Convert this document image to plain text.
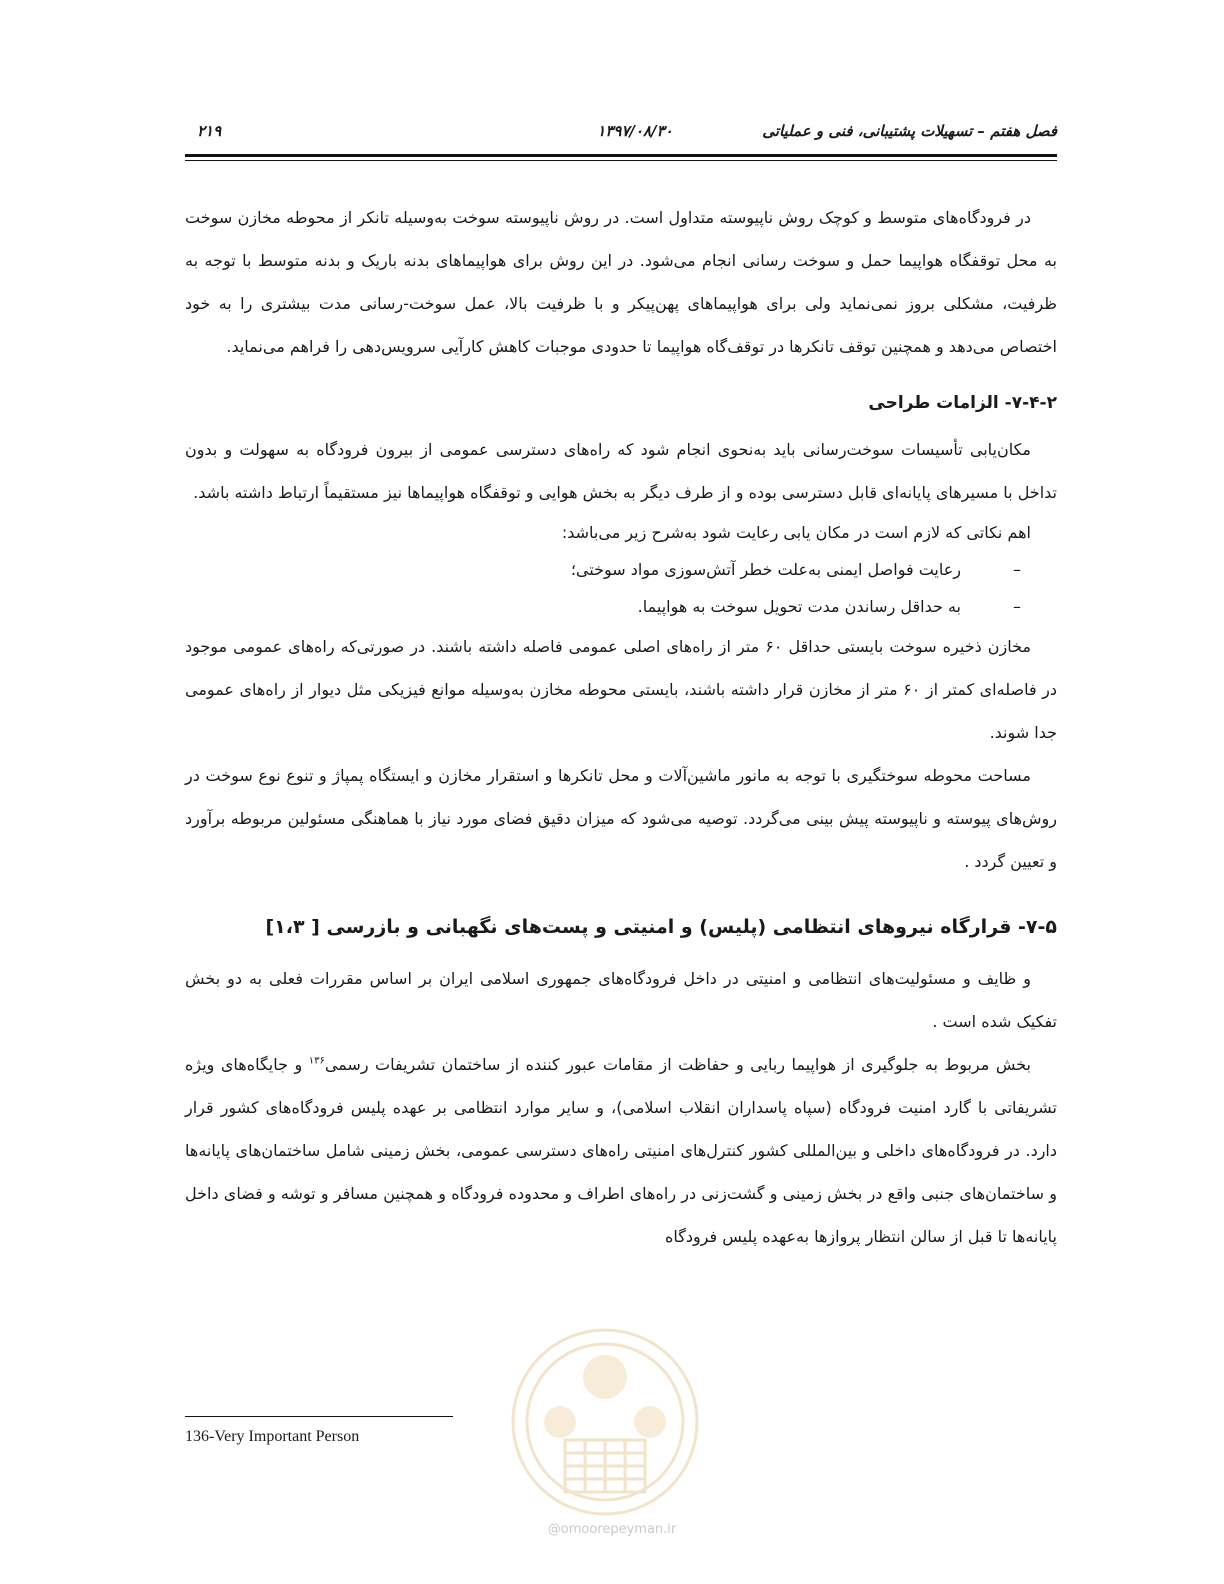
فصل هفتم – تسهیلات پشتیبانی، فنی و عملیاتی
۱۳۹۷/۰۸/۳۰
۲۱۹

در فرودگاه‌های متوسط و کوچک روش ناپیوسته متداول است. در روش ناپیوسته سوخت به‌وسیله تانکر از محوطه مخازن سوخت به محل توقفگاه هواپیما حمل و سوخت رسانی انجام می‌شود. در این روش برای هواپیماهای بدنه باریک و بدنه متوسط با توجه به ظرفیت، مشکلی بروز نمی‌نماید ولی برای هواپیماهای پهن‌پیکر و با ظرفیت بالا، عمل سوخت-رسانی مدت بیشتری را به خود اختصاص می‌دهد و همچنین توقف تانکرها در توقف‌گاه هواپیما تا حدودی موجبات کاهش کارآیی سرویس‌دهی را فراهم می‌نماید.

۷-۴-۲- الزامات طراحی

مکان‌یابی تأسیسات سوخت‌رسانی باید به‌نحوی انجام شود که راه‌های دسترسی عمومی از بیرون فرودگاه به سهولت و بدون تداخل با مسیرهای پایانه‌ای قابل دسترسی بوده و از طرف دیگر به بخش هوایی و توقفگاه هواپیماها نیز مستقیماً ارتباط داشته باشد.

اهم نکاتی که لازم است در مکان یابی رعایت شود به‌شرح زیر می‌باشد:
–
رعایت فواصل ایمنی به‌علت خطر آتش‌سوزی مواد سوختی؛
–
به حداقل رساندن مدت تحویل سوخت به هواپیما.

مخازن ذخیره سوخت بایستی حداقل ۶۰ متر از راه‌های اصلی عمومی فاصله داشته باشند. در صورتی‌که راه‌های عمومی موجود در فاصله‌ای کمتر از ۶۰ متر از مخازن قرار داشته باشند، بایستی محوطه مخازن به‌وسیله موانع فیزیکی مثل دیوار از راه‌های عمومی جدا شوند.

مساحت محوطه سوختگیری با توجه به مانور ماشین‌آلات و محل تانکرها و استقرار مخازن و ایستگاه پمپاژ و تنوع نوع سوخت در روش‌های پیوسته و ناپیوسته پیش بینی می‌گردد. توصیه می‌شود که میزان دقیق فضای مورد نیاز با هماهنگی مسئولین مربوطه برآورد و تعیین گردد .

۷-۵- قرارگاه نیروهای انتظامی (پلیس) و امنیتی و پست‌های نگهبانی و بازرسی [ ۱،۳]

و ظایف و مسئولیت‌های انتظامی و امنیتی در داخل فرودگاه‌های جمهوری اسلامی ایران بر اساس مقررات فعلی به دو بخش تفکیک شده است .

بخش مربوط به جلوگیری از هواپیما ربایی و حفاظت از مقامات عبور کننده از ساختمان تشریفات رسمی$^{۱۳۶}$ و جایگاه‌های ویژه تشریفاتی با گارد امنیت فرودگاه (سپاه پاسداران انقلاب اسلامی)، و سایر موارد انتظامی بر عهده پلیس فرودگاه‌های کشور قرار دارد. در فرودگاه‌های داخلی و بین‌المللی کشور کنترل‌های امنیتی راه‌های دسترسی عمومی، بخش زمینی شامل ساختمان‌های پایانه‌ها و ساختمان‌های جنبی واقع در بخش زمینی و گشت‌زنی در راه‌های اطراف و محدوده فرودگاه و همچنین مسافر و توشه و فضای داخل پایانه‌ها تا قبل از سالن انتظار پروازها به‌عهده پلیس فرودگاه

136-Very Important Person
@omoorepeyman.ir
